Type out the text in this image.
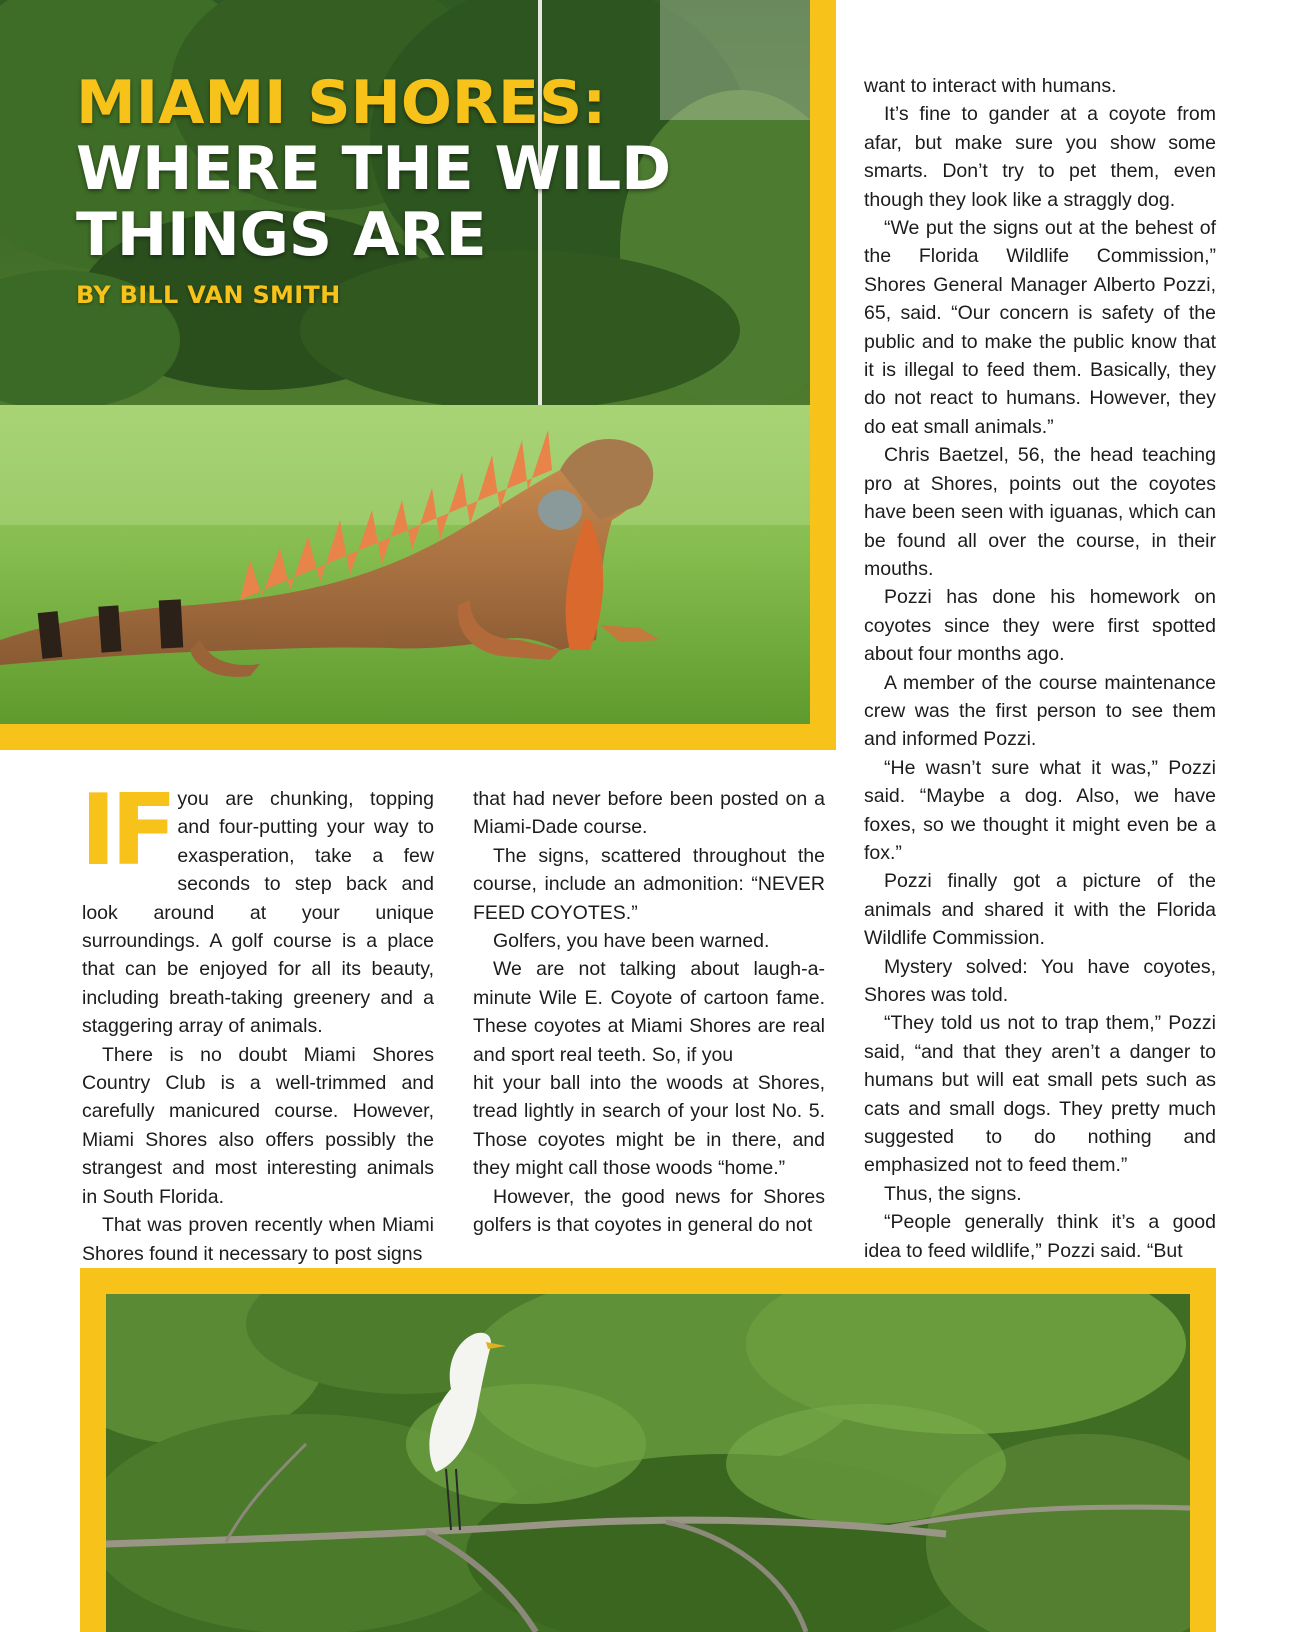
MIAMI SHORES:
WHERE THE WILD
THINGS ARE
BY BILL VAN SMITH

IF you are chunking, topping and four-putting your way to exasperation, take a few seconds to step back and look around at your unique surroundings. A golf course is a place that can be enjoyed for all its beauty, including breath-taking greenery and a staggering array of animals.

There is no doubt Miami Shores Country Club is a well-trimmed and carefully manicured course. However, Miami Shores also offers possibly the strangest and most interesting animals in South Florida.

That was proven recently when Miami Shores found it necessary to post signs

that had never before been posted on a Miami-Dade course.

The signs, scattered throughout the course, include an admonition: “NEVER FEED COYOTES.”

Golfers, you have been warned.

We are not talking about laugh-a-minute Wile E. Coyote of cartoon fame. These coyotes at Miami Shores are real and sport real teeth. So, if you

hit your ball into the woods at Shores, tread lightly in search of your lost No. 5. Those coyotes might be in there, and they might call those woods “home.”

However, the good news for Shores golfers is that coyotes in general do not

want to interact with humans.

It’s fine to gander at a coyote from afar, but make sure you show some smarts. Don’t try to pet them, even though they look like a straggly dog.

“We put the signs out at the behest of the Florida Wildlife Commission,” Shores General Manager Alberto Pozzi, 65, said. “Our concern is safety of the public and to make the public know that it is illegal to feed them. Basically, they do not react to humans. However, they do eat small animals.”

Chris Baetzel, 56, the head teaching pro at Shores, points out the coyotes have been seen with iguanas, which can be found all over the course, in their mouths.

Pozzi has done his homework on coyotes since they were first spotted about four months ago.

A member of the course maintenance crew was the first person to see them and informed Pozzi.

“He wasn’t sure what it was,” Pozzi said. “Maybe a dog. Also, we have foxes, so we thought it might even be a fox.”

Pozzi finally got a picture of the animals and shared it with the Florida Wildlife Commission.

Mystery solved: You have coyotes, Shores was told.

“They told us not to trap them,” Pozzi said, “and that they aren’t a danger to humans but will eat small pets such as cats and small dogs. They pretty much suggested to do nothing and emphasized not to feed them.”

Thus, the signs.

“People generally think it’s a good idea to feed wildlife,” Pozzi said. “But
